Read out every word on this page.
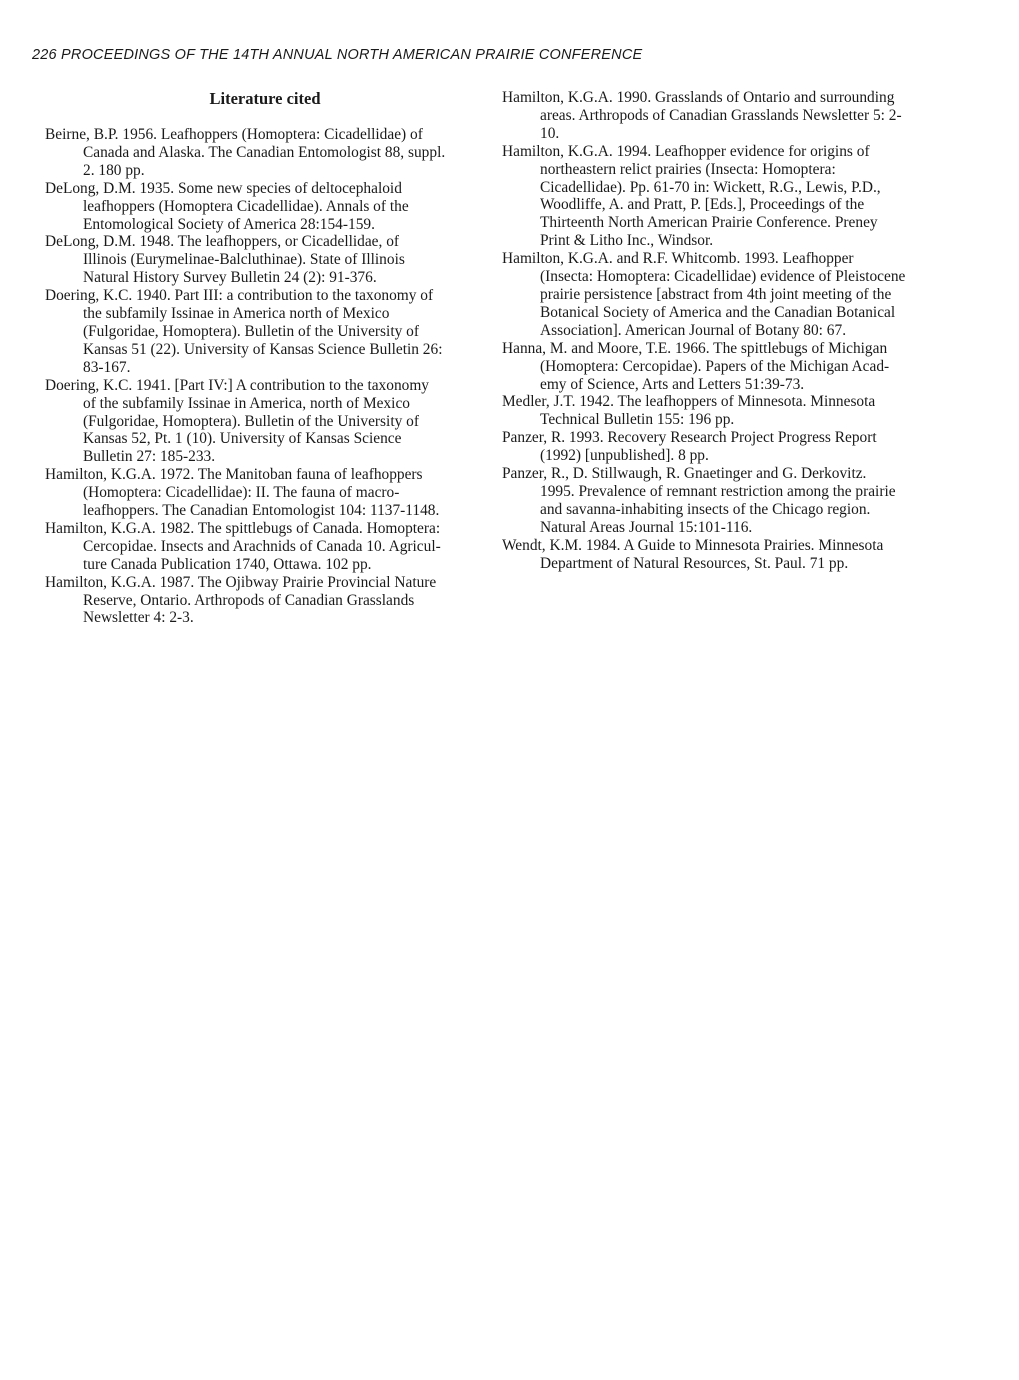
226 PROCEEDINGS OF THE 14TH ANNUAL NORTH AMERICAN PRAIRIE CONFERENCE
Literature cited
Beirne, B.P. 1956. Leafhoppers (Homoptera: Cicadellidae) of
Canada and Alaska. The Canadian Entomologist 88, suppl.
2. 180 pp.
DeLong, D.M. 1935. Some new species of deltocephaloid
leafhoppers (Homoptera Cicadellidae). Annals of the
Entomological Society of America 28:154-159.
DeLong, D.M. 1948. The leafhoppers, or Cicadellidae, of
Illinois (Eurymelinae-Balcluthinae). State of Illinois
Natural History Survey Bulletin 24 (2): 91-376.
Doering, K.C. 1940. Part III: a contribution to the taxonomy of
the subfamily Issinae in America north of Mexico
(Fulgoridae, Homoptera). Bulletin of the University of
Kansas 51 (22). University of Kansas Science Bulletin 26:
83-167.
Doering, K.C. 1941. [Part IV:] A contribution to the taxonomy
of the subfamily Issinae in America, north of Mexico
(Fulgoridae, Homoptera). Bulletin of the University of
Kansas 52, Pt. 1 (10). University of Kansas Science
Bulletin 27: 185-233.
Hamilton, K.G.A. 1972. The Manitoban fauna of leafhoppers
(Homoptera: Cicadellidae): II. The fauna of macro-
leafhoppers. The Canadian Entomologist 104: 1137-1148.
Hamilton, K.G.A. 1982. The spittlebugs of Canada. Homoptera:
Cercopidae. Insects and Arachnids of Canada 10. Agricul-
ture Canada Publication 1740, Ottawa. 102 pp.
Hamilton, K.G.A. 1987. The Ojibway Prairie Provincial Nature
Reserve, Ontario. Arthropods of Canadian Grasslands
Newsletter 4: 2-3.
Hamilton, K.G.A. 1990. Grasslands of Ontario and surrounding
areas. Arthropods of Canadian Grasslands Newsletter 5: 2-
10.
Hamilton, K.G.A. 1994. Leafhopper evidence for origins of
northeastern relict prairies (Insecta: Homoptera:
Cicadellidae). Pp. 61-70 in: Wickett, R.G., Lewis, P.D.,
Woodliffe, A. and Pratt, P. [Eds.], Proceedings of the
Thirteenth North American Prairie Conference. Preney
Print & Litho Inc., Windsor.
Hamilton, K.G.A. and R.F. Whitcomb. 1993. Leafhopper
(Insecta: Homoptera: Cicadellidae) evidence of Pleistocene
prairie persistence [abstract from 4th joint meeting of the
Botanical Society of America and the Canadian Botanical
Association]. American Journal of Botany 80: 67.
Hanna, M. and Moore, T.E. 1966. The spittlebugs of Michigan
(Homoptera: Cercopidae). Papers of the Michigan Acad-
emy of Science, Arts and Letters 51:39-73.
Medler, J.T. 1942. The leafhoppers of Minnesota. Minnesota
Technical Bulletin 155: 196 pp.
Panzer, R. 1993. Recovery Research Project Progress Report
(1992) [unpublished]. 8 pp.
Panzer, R., D. Stillwaugh, R. Gnaetinger and G. Derkovitz.
1995. Prevalence of remnant restriction among the prairie
and savanna-inhabiting insects of the Chicago region.
Natural Areas Journal 15:101-116.
Wendt, K.M. 1984. A Guide to Minnesota Prairies. Minnesota
Department of Natural Resources, St. Paul. 71 pp.
